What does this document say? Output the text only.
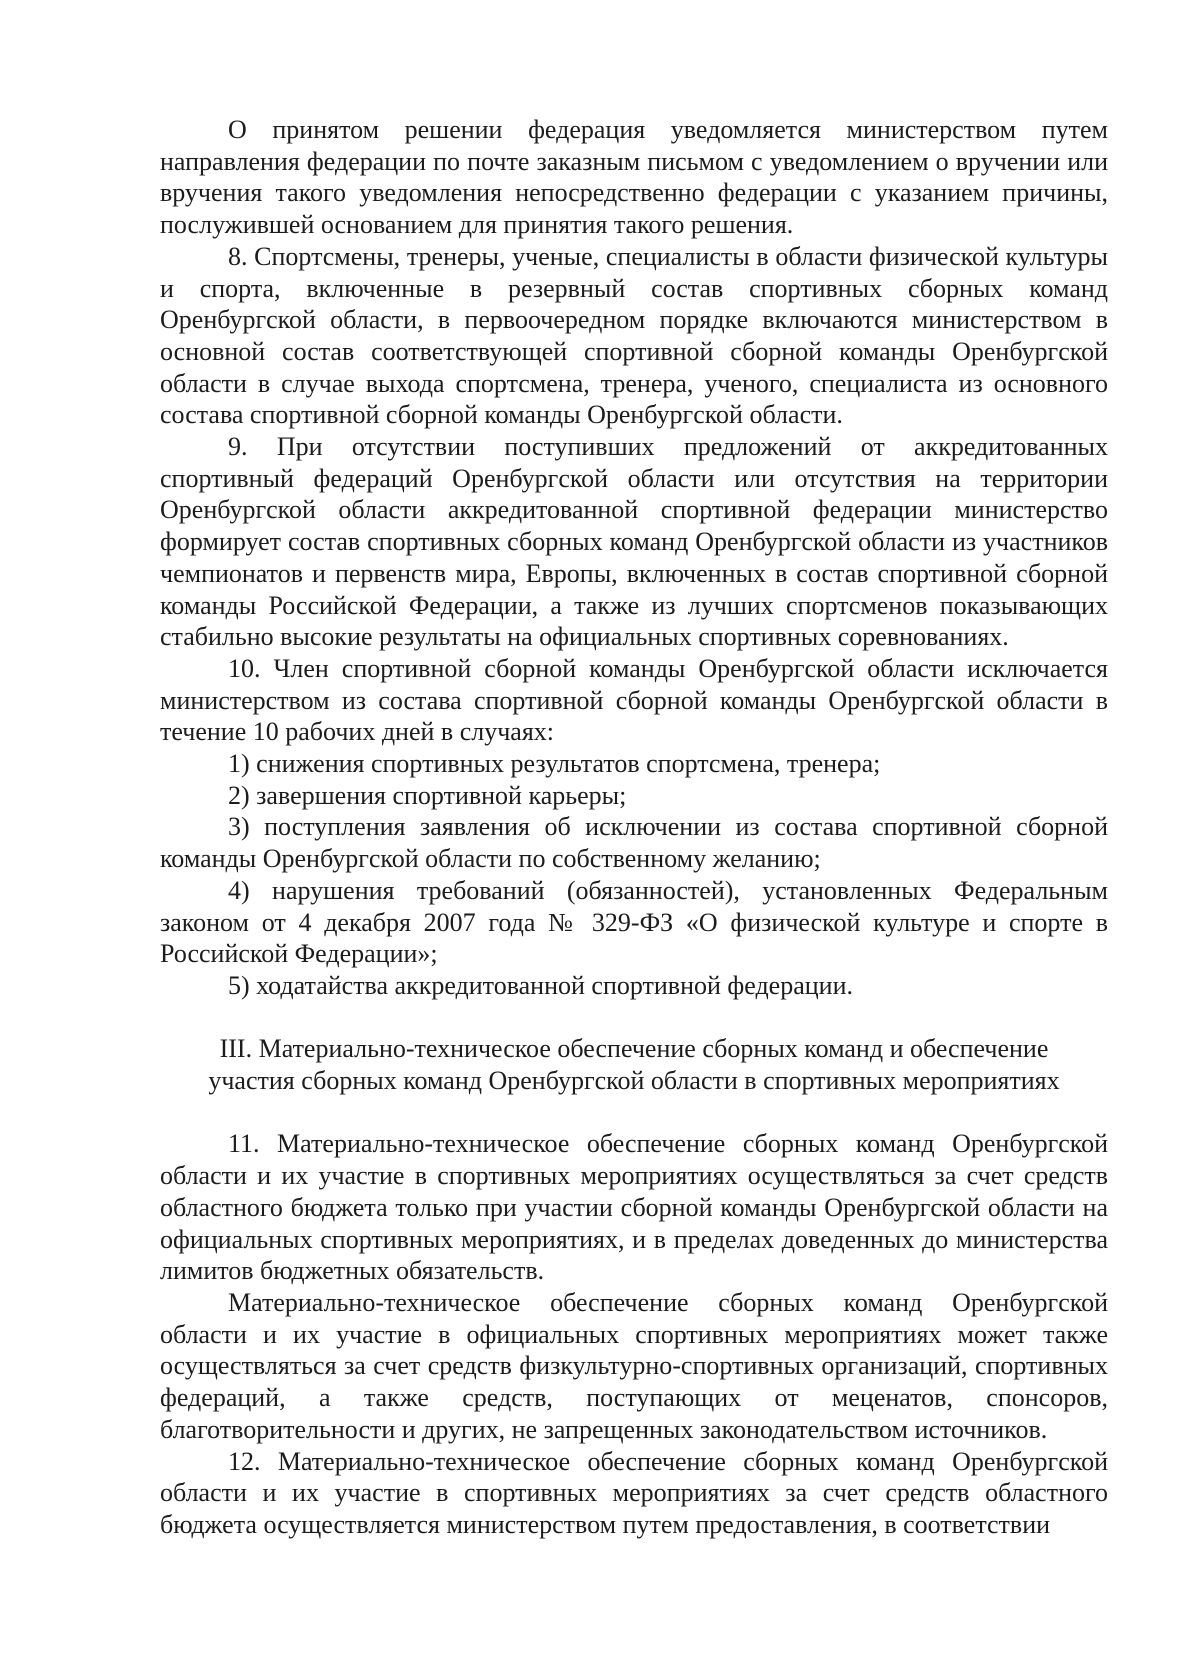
О принятом решении федерация уведомляется министерством путем направления федерации по почте заказным письмом с уведомлением о вручении или вручения такого уведомления непосредственно федерации с указанием причины, послужившей основанием для принятия такого решения.

8. Спортсмены, тренеры, ученые, специалисты в области физической культуры и спорта, включенные в резервный состав спортивных сборных команд Оренбургской области, в первоочередном порядке включаются министерством в основной состав соответствующей спортивной сборной команды Оренбургской области в случае выхода спортсмена, тренера, ученого, специалиста из основного состава спортивной сборной команды Оренбургской области.

9. При отсутствии поступивших предложений от аккредитованных спортивный федераций Оренбургской области или отсутствия на территории Оренбургской области аккредитованной спортивной федерации министерство формирует состав спортивных сборных команд Оренбургской области из участников чемпионатов и первенств мира, Европы, включенных в состав спортивной сборной команды Российской Федерации, а также из лучших спортсменов показывающих стабильно высокие результаты на официальных спортивных соревнованиях.

10. Член спортивной сборной команды Оренбургской области исключается министерством из состава спортивной сборной команды Оренбургской области в течение 10 рабочих дней в случаях:

1) снижения спортивных результатов спортсмена, тренера;

2) завершения спортивной карьеры;

3) поступления заявления об исключении из состава спортивной сборной команды Оренбургской области по собственному желанию;

4) нарушения требований (обязанностей), установленных Федеральным законом от 4 декабря 2007 года № 329-ФЗ «О физической культуре и спорте в Российской Федерации»;

5) ходатайства аккредитованной спортивной федерации.

III. Материально-техническое обеспечение сборных команд и обеспечение
участия сборных команд Оренбургской области в спортивных мероприятиях

11. Материально-техническое обеспечение сборных команд Оренбургской области и их участие в спортивных мероприятиях осуществляться за счет средств областного бюджета только при участии сборной команды Оренбургской области на официальных спортивных мероприятиях, и в пределах доведенных до министерства лимитов бюджетных обязательств.

Материально-техническое обеспечение сборных команд Оренбургской области и их участие в официальных спортивных мероприятиях может также осуществляться за счет средств физкультурно-спортивных организаций, спортивных федераций, а также средств, поступающих от меценатов, спонсоров, благотворительности и других, не запрещенных законодательством источников.

12. Материально-техническое обеспечение сборных команд Оренбургской области и их участие в спортивных мероприятиях за счет средств областного бюджета осуществляется министерством путем предоставления, в соответствии
